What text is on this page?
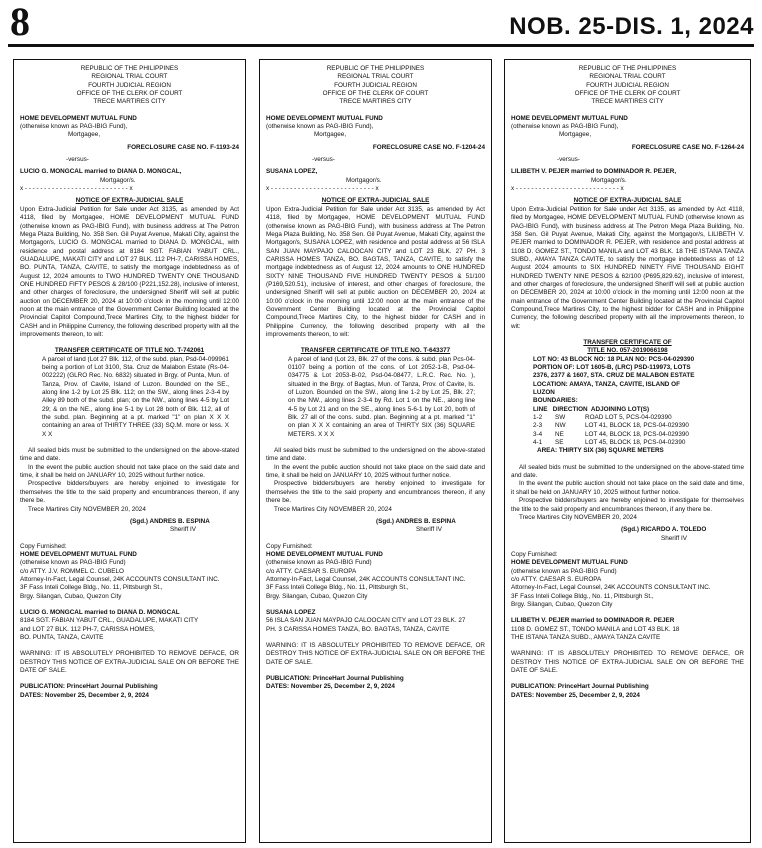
8	NOB. 25-DIS. 1, 2024

REPUBLIC OF THE PHILIPPINES

REGIONAL TRIAL COURT

FOURTH JUDICIAL REGION

OFFICE OF THE CLERK OF COURT

TRECE MARTIRES CITY

HOME DEVELOPMENT MUTUAL FUND

(otherwise known as PAG-IBIG Fund),

Mortgagee,

FORECLOSURE CASE NO. F-1193-24

-versus-

LUCIO G. MONGCAL married to DIANA D. MONGCAL,

Mortgagor/s.

x - - - - - - - - - - - - - - - - - - - - - - - - - - - x

NOTICE OF EXTRA-JUDICIAL SALE

Upon Extra-Judicial Petition for Sale under Act 3135, as amended by Act 4118, filed by Mortgagee, HOME DEVELOPMENT MUTUAL FUND (otherwise known as PAG-IBIG Fund), with business address at The Petron Mega Plaza Building, No. 358 Sen. Gil Puyat Avenue, Makati City, against the Mortgagor/s, LUCIO G. MONGCAL married to DIANA D. MONGCAL, with residence and postal address at 8184 SGT. FABIAN YABUT CRL., GUADALUPE, MAKATI CITY and LOT 27 BLK. 112 PH-7, CARISSA HOMES, BO. PUNTA, TANZA, CAVITE, to satisfy the mortgage indebtedness as of August 12, 2024 amounts to TWO HUNDRED TWENTY ONE THOUSAND ONE HUNDRED FIFTY PESOS & 28/100 (P221,152.28), inclusive of interest, and other charges of foreclosure, the undersigned Sheriff will sell at public auction on DECEMBER 20, 2024 at 10:00 o'clock in the morning until 12:00 noon at the main entrance of the Government Center Building located at the Provincial Capitol Compound,Trece Martires City, to the highest bidder for CASH and in Philippine Currency, the following described property with all the improvements thereon, to wit:

TRANSFER CERTIFICATE OF TITLE NO. T-742061

A parcel of land (Lot 27 Blk. 112, of the subd. plan, Psd-04-099961 being a portion of Lot 3100, Sta. Cruz de Malabon Estate (Rs-04-002222) (GLRO Rec. No. 6832) situated in Brgy. of Punta, Mun. of Tanza, Prov. of Cavite, Island of Luzon. Bounded on the SE., along line 1-2 by Lot 25 Blk. 112; on the SW., along lines 2-3-4 by Alley 89 both of the subd. plan; on the NW., along lines 4-5 by Lot 29; & on the NE., along line 5-1 by Lot 28 both of Blk. 112, all of the subd. plan. Beginning at a pt. marked "1" on plan X X X containing an area of THIRTY THREE (33) SQ.M. more or less. X X X

All sealed bids must be submitted to the undersigned on the above-stated time and date.

In the event the public auction should not take place on the said date and time, it shall be held on JANUARY 10, 2025 without further notice.

Prospective bidders/buyers are hereby enjoined to investigate for themselves the title to the said property and encumbrances thereon, if any there be.

Trece Martires City NOVEMBER 20, 2024

(Sgd.) ANDRES B. ESPINA

Sheriff IV

Copy Furnished:

HOME DEVELOPMENT MUTUAL FUND

(otherwise known as PAG-IBIG Fund)

c/o ATTY. J.V. ROMMEL C. CUBELO

Attorney-In-Fact, Legal Counsel, 24K ACCOUNTS CONSULTANT INC.

3F Fass Inteli College Bldg., No. 11, Pittsburgh St.,

Brgy. Silangan, Cubao, Quezon City

LUCIO G. MONGCAL married to DIANA D. MONGCAL

8184 SGT. FABIAN YABUT CRL., GUADALUPE, MAKATI CITY

and LOT 27 BLK. 112 PH-7, CARISSA HOMES,

BO. PUNTA, TANZA, CAVITE

WARNING: IT IS ABSOLUTELY PROHIBITED TO REMOVE DEFACE, OR DESTROY THIS NOTICE OF EXTRA-JUDICIAL SALE ON OR BEFORE THE DATE OF SALE.

PUBLICATION: PrinceHart Journal Publishing

DATES: November 25, December 2, 9, 2024

REPUBLIC OF THE PHILIPPINES

REGIONAL TRIAL COURT

FOURTH JUDICIAL REGION

OFFICE OF THE CLERK OF COURT

TRECE MARTIRES CITY

HOME DEVELOPMENT MUTUAL FUND

(otherwise known as PAG-IBIG Fund),

Mortgagee,

FORECLOSURE CASE NO. F-1204-24

-versus-

SUSANA LOPEZ,

Mortgagor/s.

x - - - - - - - - - - - - - - - - - - - - - - - - - - - x

NOTICE OF EXTRA-JUDICIAL SALE

Upon Extra-Judicial Petition for Sale under Act 3135, as amended by Act 4118, filed by Mortgagee, HOME DEVELOPMENT MUTUAL FUND (otherwise known as PAG-IBIG Fund), with business address at The Petron Mega Plaza Building, No. 358 Sen. Gil Puyat Avenue, Makati City, against the Mortgagor/s, SUSANA LOPEZ, with residence and postal address at 56 ISLA SAN JUAN MAYPAJO CALOOCAN CITY and LOT 23 BLK. 27 PH. 3 CARISSA HOMES TANZA, BO. BAGTAS, TANZA, CAVITE, to satisfy the mortgage indebtedness as of August 12, 2024 amounts to ONE HUNDRED SIXTY NINE THOUSAND FIVE HUNDRED TWENTY PESOS & 51/100 (P169,520.51), inclusive of interest, and other charges of foreclosure, the undersigned Sheriff will sell at public auction on DECEMBER 20, 2024 at 10:00 o'clock in the morning until 12:00 noon at the main entrance of the Government Center Building located at the Provincial Capitol Compound,Trece Martires City, to the highest bidder for CASH and in Philippine Currency, the following described property with all the improvements thereon, to wit:

TRANSFER CERTIFICATE OF TITLE NO. T-643377

A parcel of land (Lot 23, Blk. 27 of the cons. & subd. plan Pcs-04-01107 being a portion of the cons. of Lot 2052-1-B, Psd-04-034775 & Lot 2053-B-02, Psd-04-08477, L.R.C. Rec. No. ), situated in the Brgy. of Bagtas, Mun. of Tanza, Prov. of Cavite, Is. of Luzon. Bounded on the SW., along line 1-2 by Lot 25, Blk. 27; on the NW., along lines 2-3-4 by Rd. Lot 1 on the NE., along line 4-5 by Lot 21 and on the SE., along lines 5-6-1 by Lot 20, both of Blk. 27 all of the cons. subd. plan. Beginning at a pt. marked "1" on plan X X X containing an area of THIRTY SIX (36) SQUARE METERS. X X X

All sealed bids must be submitted to the undersigned on the above-stated time and date.

In the event the public auction should not take place on the said date and time, it shall be held on JANUARY 10, 2025 without further notice.

Prospective bidders/buyers are hereby enjoined to investigate for themselves the title to the said property and encumbrances thereon, if any there be.

Trece Martires City NOVEMBER 20, 2024

(Sgd.) ANDRES B. ESPINA

Sheriff IV

Copy Furnished:

HOME DEVELOPMENT MUTUAL FUND

(otherwise known as PAG-IBIG Fund)

c/o ATTY. CAESAR S. EUROPA

Attorney-In-Fact, Legal Counsel, 24K ACCOUNTS CONSULTANT INC.

3F Fass Inteli College Bldg., No. 11, Pittsburgh St.,

Brgy. Silangan, Cubao, Quezon City

SUSANA LOPEZ

56 ISLA SAN JUAN MAYPAJO CALOOCAN CITY and LOT 23 BLK. 27

PH. 3 CARISSA HOMES TANZA, BO. BAGTAS, TANZA, CAVITE

WARNING: IT IS ABSOLUTELY PROHIBITED TO REMOVE DEFACE, OR DESTROY THIS NOTICE OF EXTRA-JUDICIAL SALE ON OR BEFORE THE DATE OF SALE.

PUBLICATION: PrinceHart Journal Publishing

DATES: November 25, December 2, 9, 2024

REPUBLIC OF THE PHILIPPINES

REGIONAL TRIAL COURT

FOURTH JUDICIAL REGION

OFFICE OF THE CLERK OF COURT

TRECE MARTIRES CITY

HOME DEVELOPMENT MUTUAL FUND

(otherwise known as PAG-IBIG Fund),

Mortgagee,

FORECLOSURE CASE NO. F-1264-24

-versus-

LILIBETH V. PEJER married to DOMINADOR R. PEJER,

Mortgagor/s.

x - - - - - - - - - - - - - - - - - - - - - - - - - - - x

NOTICE OF EXTRA-JUDICIAL SALE

Upon Extra-Judicial Petition for Sale under Act 3135, as amended by Act 4118, filed by Mortgagee, HOME DEVELOPMENT MUTUAL FUND (otherwise known as PAG-IBIG Fund), with business address at The Petron Mega Plaza Building, No. 358 Sen. Gil Puyat Avenue, Makati City, against the Mortgagor/s, LILIBETH V. PEJER married to DOMINADOR R. PEJER, with residence and postal address at 1108 D. GOMEZ ST., TONDO MANILA and LOT 43 BLK. 18 THE ISTANA TANZA SUBD., AMAYA TANZA CAVITE, to satisfy the mortgage indebtedness as of 12 August 2024 amounts to SIX HUNDRED NINETY FIVE THOUSAND EIGHT HUNDRED TWENTY NINE PESOS & 62/100 (P695,829.62), inclusive of interest, and other charges of foreclosure, the undersigned Sheriff will sell at public auction on DECEMBER 20, 2024 at 10:00 o'clock in the morning until 12:00 noon at the main entrance of the Government Center Building located at the Provincial Capitol Compound,Trece Martires City, to the highest bidder for CASH and in Philippine Currency, the following described property with all the improvements thereon, to wit:

TRANSFER CERTIFICATE OF

TITLE NO. 057-2019066198

LOT NO: 43 BLOCK NO: 18 PLAN NO: PCS-04-029390

PORTION OF: LOT 1605-B, (LRC) PSD-119973, LOTS

2376, 2377 & 1607, STA. CRUZ DE MALABON ESTATE

LOCATION: AMAYA, TANZA, CAVITE, ISLAND OF

LUZON

BOUNDARIES:

LINE   DIRECTION  ADJOINING LOT(S)

1-2	SW	ROAD LOT 5, PCS-04-029390
2-3	NW	LOT 41, BLOCK 18, PCS-04-029390
3-4	NE	LOT 44, BLOCK 18, PCS-04-029390
4-1	SE	LOT 45, BLOCK 18, PCS-04-02390

AREA: THIRTY SIX (36) SQUARE METERS

All sealed bids must be submitted to the undersigned on the above-stated time and date.

In the event the public auction should not take place on the said date and time, it shall be held on JANUARY 10, 2025 without further notice.

Prospective bidders/buyers are hereby enjoined to investigate for themselves the title to the said property and encumbrances thereon, if any there be.

Trece Martires City NOVEMBER 20, 2024

(Sgd.) RICARDO A. TOLEDO

Sheriff IV

Copy Furnished:

HOME DEVELOPMENT MUTUAL FUND

(otherwise known as PAG-IBIG Fund)

c/o ATTY. CAESAR S. EUROPA

Attorney-In-Fact, Legal Counsel, 24K ACCOUNTS CONSULTANT INC.

3F Fass Inteli College Bldg., No. 11, Pittsburgh St.,

Brgy. Silangan, Cubao, Quezon City

LILIBETH V. PEJER married to DOMINADOR R. PEJER

1108 D. GOMEZ ST., TONDO MANILA and LOT 43 BLK. 18

THE ISTANA TANZA SUBD., AMAYA TANZA CAVITE

WARNING: IT IS ABSOLUTELY PROHIBITED TO REMOVE DEFACE, OR DESTROY THIS NOTICE OF EXTRA-JUDICIAL SALE ON OR BEFORE THE DATE OF SALE.

PUBLICATION: PrinceHart Journal Publishing

DATES: November 25, December 2, 9, 2024
